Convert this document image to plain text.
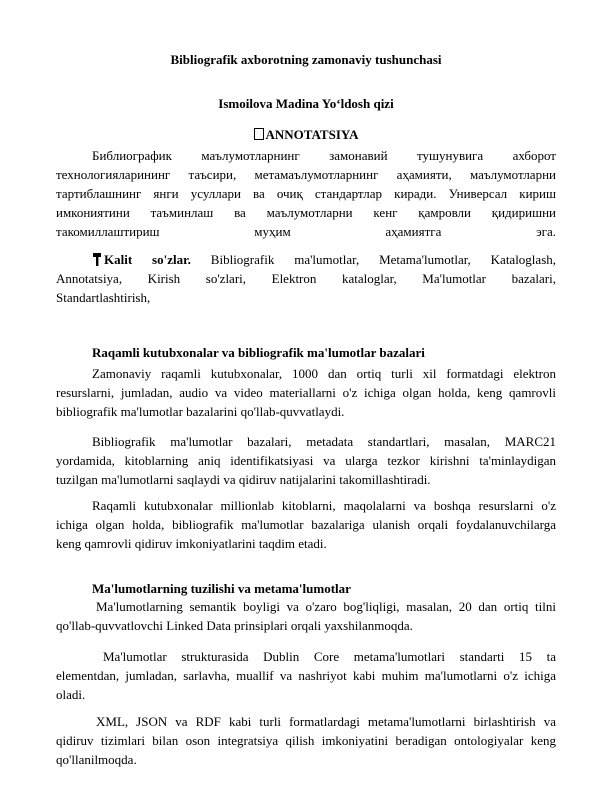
Bibliografik axborotning zamonaviy tushunchasi
Ismoilova Madina Yo‘ldosh qizi
ANNOTATSIYA
Библиографик маълумотларнинг замонавий тушунувига ахборот
технологияларининг таъсири, метамаълумотларнинг аҳамияти, маълумотларни
тартиблашнинг янги усуллари ва очиқ стандартлар киради. Универсал кириш
имкониятини таъминлаш ва маълумотларни кенг қамровли қидиришни
такомиллаштириш муҳим аҳамиятга эга.
Kalit so'zlar. Bibliografik ma'lumotlar, Metama'lumotlar, Kataloglash,
Annotatsiya, Kirish so'zlari, Elektron kataloglar, Ma'lumotlar bazalari,
Standartlashtirish,
Raqamli kutubxonalar va bibliografik ma'lumotlar bazalari
Zamonaviy raqamli kutubxonalar, 1000 dan ortiq turli xil formatdagi elektron
resurslarni, jumladan, audio va video materiallarni o'z ichiga olgan holda, keng qamrovli
bibliografik ma'lumotlar bazalarini qo'llab-quvvatlaydi.
Bibliografik ma'lumotlar bazalari, metadata standartlari, masalan, MARC21
yordamida, kitoblarning aniq identifikatsiyasi va ularga tezkor kirishni ta'minlaydigan
tuzilgan ma'lumotlarni saqlaydi va qidiruv natijalarini takomillashtiradi.
Raqamli kutubxonalar millionlab kitoblarni, maqolalarni va boshqa resurslarni o'z
ichiga olgan holda, bibliografik ma'lumotlar bazalariga ulanish orqali foydalanuvchilarga
keng qamrovli qidiruv imkoniyatlarini taqdim etadi.
Ma'lumotlarning tuzilishi va metama'lumotlar
Ma'lumotlarning semantik boyligi va o'zaro bog'liqligi, masalan, 20 dan ortiq tilni
qo'llab-quvvatlovchi Linked Data prinsiplari orqali yaxshilanmoqda.
Ma'lumotlar strukturasida Dublin Core metama'lumotlari standarti 15 ta
elementdan, jumladan, sarlavha, muallif va nashriyot kabi muhim ma'lumotlarni o'z ichiga
oladi.
XML, JSON va RDF kabi turli formatlardagi metama'lumotlarni birlashtirish va
qidiruv tizimlari bilan oson integratsiya qilish imkoniyatini beradigan ontologiyalar keng
qo'llanilmoqda.
